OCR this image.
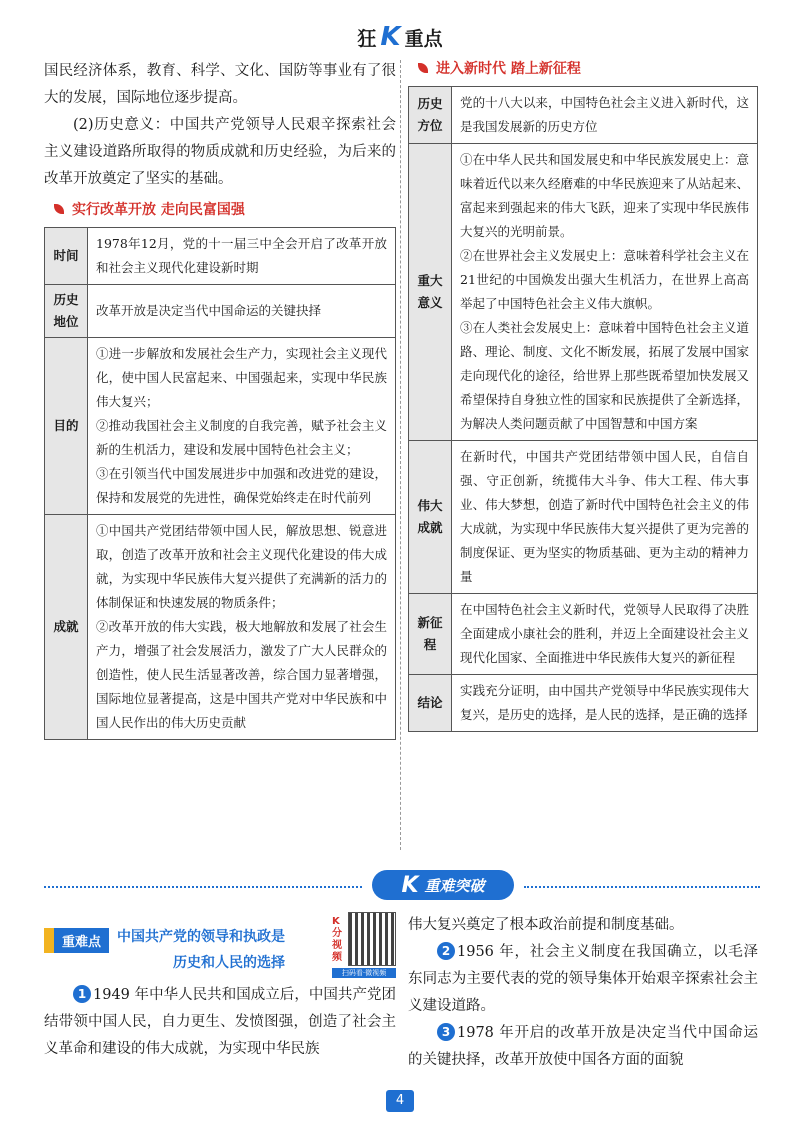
狂 K 重点

国民经济体系，教育、科学、文化、国防等事业有了很大的发展，国际地位逐步提高。

(2)历史意义：中国共产党领导人民艰辛探索社会主义建设道路所取得的物质成就和历史经验，为后来的改革开放奠定了坚实的基础。

实行改革开放 走向民富国强
时间	1978年12月，党的十一届三中全会开启了改革开放和社会主义现代化建设新时期
历史地位	改革开放是决定当代中国命运的关键抉择
目的	①进一步解放和发展社会生产力，实现社会主义现代化，使中国人民富起来、中国强起来，实现中华民族伟大复兴；
②推动我国社会主义制度的自我完善，赋予社会主义新的生机活力，建设和发展中国特色社会主义；
③在引领当代中国发展进步中加强和改进党的建设，保持和发展党的先进性，确保党始终走在时代前列
成就	①中国共产党团结带领中国人民，解放思想、锐意进取，创造了改革开放和社会主义现代化建设的伟大成就，为实现中华民族伟大复兴提供了充满新的活力的体制保证和快速发展的物质条件；
②改革开放的伟大实践，极大地解放和发展了社会生产力，增强了社会发展活力，激发了广大人民群众的创造性，使人民生活显著改善，综合国力显著增强，国际地位显著提高，这是中国共产党对中华民族和中国人民作出的伟大历史贡献
进入新时代 踏上新征程
历史方位	党的十八大以来，中国特色社会主义进入新时代，这是我国发展新的历史方位
重大意义	①在中华人民共和国发展史和中华民族发展史上：意味着近代以来久经磨难的中华民族迎来了从站起来、富起来到强起来的伟大飞跃，迎来了实现中华民族伟大复兴的光明前景。
②在世界社会主义发展史上：意味着科学社会主义在21世纪的中国焕发出强大生机活力，在世界上高高举起了中国特色社会主义伟大旗帜。
③在人类社会发展史上：意味着中国特色社会主义道路、理论、制度、文化不断发展，拓展了发展中国家走向现代化的途径，给世界上那些既希望加快发展又希望保持自身独立性的国家和民族提供了全新选择，为解决人类问题贡献了中国智慧和中国方案
伟大成就	在新时代，中国共产党团结带领中国人民，自信自强、守正创新，统揽伟大斗争、伟大工程、伟大事业、伟大梦想，创造了新时代中国特色社会主义的伟大成就，为实现中华民族伟大复兴提供了更为完善的制度保证、更为坚实的物质基础、更为主动的精神力量
新征程	在中国特色社会主义新时代，党领导人民取得了决胜全面建成小康社会的胜利，并迈上全面建设社会主义现代化国家、全面推进中华民族伟大复兴的新征程
结论	实践充分证明，由中国共产党领导中华民族实现伟大复兴，是历史的选择，是人民的选择，是正确的选择
K 重难突破
重难点	中国共产党的领导和执政是历史和人民的选择
K分视频
扫码看·微视频

1 1949 年中华人民共和国成立后，中国共产党团结带领中国人民，自力更生、发愤图强，创造了社会主义革命和建设的伟大成就，为实现中华民族

伟大复兴奠定了根本政治前提和制度基础。

2 1956 年，社会主义制度在我国确立，以毛泽东同志为主要代表的党的领导集体开始艰辛探索社会主义建设道路。

3 1978 年开启的改革开放是决定当代中国命运的关键抉择，改革开放使中国各方面的面貌

4
